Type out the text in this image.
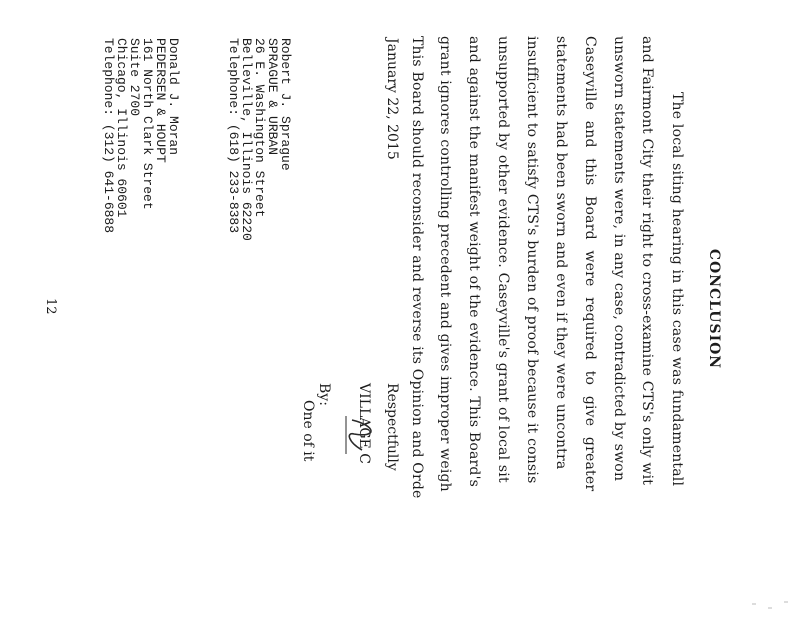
CONCLUSION
The local siting hearing in this case was fundamentall
and Fairmont City their right to cross-examine CTS's only wit
unsworn statements were, in any case, contradicted by swon
Caseyville and this Board were required to give greater
statements had been sworn and even if they were uncontra
insufficient to satisfy CTS's burden of proof because it consis
unsupported by other evidence. Caseyville's grant of local sit
and against the manifest weight of the evidence. This Board's
grant ignores controlling precedent and gives improper weigh
This Board should reconsider and reverse its Opinion and Orde
January 22, 2015
Respectfully
VILLAGE C
By:
One of it
Robert J. Sprague
SPRAGUE & URBAN
26 E. Washington Street
Belleville, Illinois 62220
Telephone: (618) 233-8383
Donald J. Moran
PEDERSEN & HOUPT
161 North Clark Street
Suite 2700
Chicago, Illinois 60601
Telephone: (312) 641-6888
12
